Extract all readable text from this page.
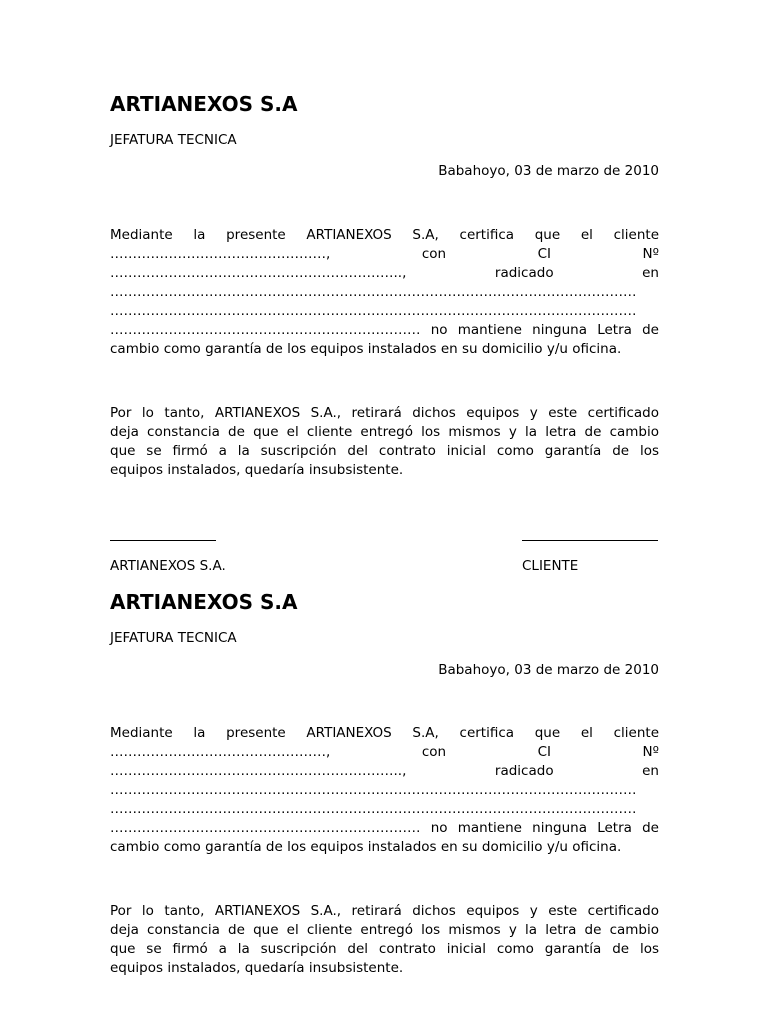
ARTIANEXOS S.A
JEFATURA TECNICA
Babahoyo, 03 de marzo de 2010
Mediante la presente ARTIANEXOS S.A, certifica que el cliente
…………………………………………, con CI Nº
……………………………………………………….., radicado en
………………………………………………………………………………………………………
………………………………………………………………………………………………………
…………………………………………………………… no mantiene ninguna Letra de
cambio como garantía de los equipos instalados en su domicilio y/u oficina.
Por lo tanto, ARTIANEXOS S.A., retirará dichos equipos y este certificado
deja constancia de que el cliente entregó los mismos y la letra de cambio
que se firmó a la suscripción del contrato inicial como garantía de los
equipos instalados, quedaría insubsistente.
ARTIANEXOS S.A.	CLIENTE
ARTIANEXOS S.A
JEFATURA TECNICA
Babahoyo, 03 de marzo de 2010
Mediante la presente ARTIANEXOS S.A, certifica que el cliente
…………………………………………, con CI Nº
……………………………………………………….., radicado en
………………………………………………………………………………………………………
………………………………………………………………………………………………………
…………………………………………………………… no mantiene ninguna Letra de
cambio como garantía de los equipos instalados en su domicilio y/u oficina.
Por lo tanto, ARTIANEXOS S.A., retirará dichos equipos y este certificado
deja constancia de que el cliente entregó los mismos y la letra de cambio
que se firmó a la suscripción del contrato inicial como garantía de los
equipos instalados, quedaría insubsistente.
